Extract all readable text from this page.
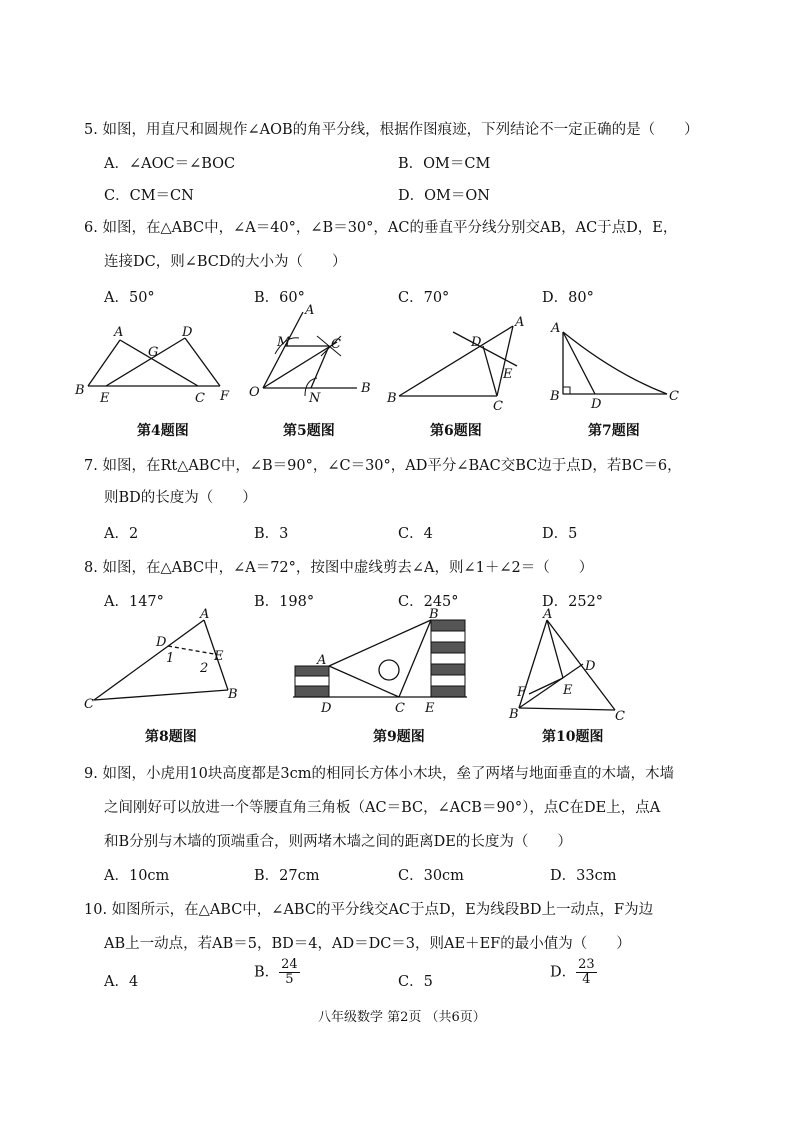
5. 如图，用直尺和圆规作∠AOB的角平分线，根据作图痕迹，下列结论不一定正确的是（　　）
A．∠AOC＝∠BOC	B．OM＝CM
C．CM＝CN	D．OM＝ON
6. 如图，在△ABC中，∠A＝40°，∠B＝30°，AC的垂直平分线分别交AB，AC于点D，E，
连接DC，则∠BCD的大小为（　　）
A．50°	B．60°	C．70°	D．80°
A	D
G
B
E	C F
A
M	C
O	N
B
A
D
E
B
C
A
B
D
C
第4题图	第5题图	第6题图	第7题图
7. 如图，在Rt△ABC中，∠B＝90°，∠C＝30°，AD平分∠BAC交BC边于点D，若BC＝6，
则BD的长度为（　　）
A．2	B．3	C．4	D．5
8. 如图，在△ABC中，∠A＝72°，按图中虚线剪去∠A，则∠1＋∠2＝（　　）
A．147°	B．198°	C．245°	D．252°
A
D
E
1
2
C
B
A
B
D	C E
A
D
F	E
B	C
第8题图	第9题图	第10题图
9. 如图，小虎用10块高度都是3cm的相同长方体小木块，垒了两堵与地面垂直的木墙，木墙
之间刚好可以放进一个等腰直角三角板（AC＝BC，∠ACB＝90°），点C在DE上，点A
和B分别与木墙的顶端重合，则两堵木墙之间的距离DE的长度为（　　）
A．10cm	B．27cm	C．30cm	D．33cm
10. 如图所示，在△ABC中，∠ABC的平分线交AC于点D，E为线段BD上一动点，F为边
AB上一动点，若AB＝5，BD＝4，AD＝DC＝3，则AE＋EF的最小值为（　　）
A．4
B． $\frac{24}{5}$	C．5
D． $\frac{23}{4}$
八年级数学 第2页 （共6页）
